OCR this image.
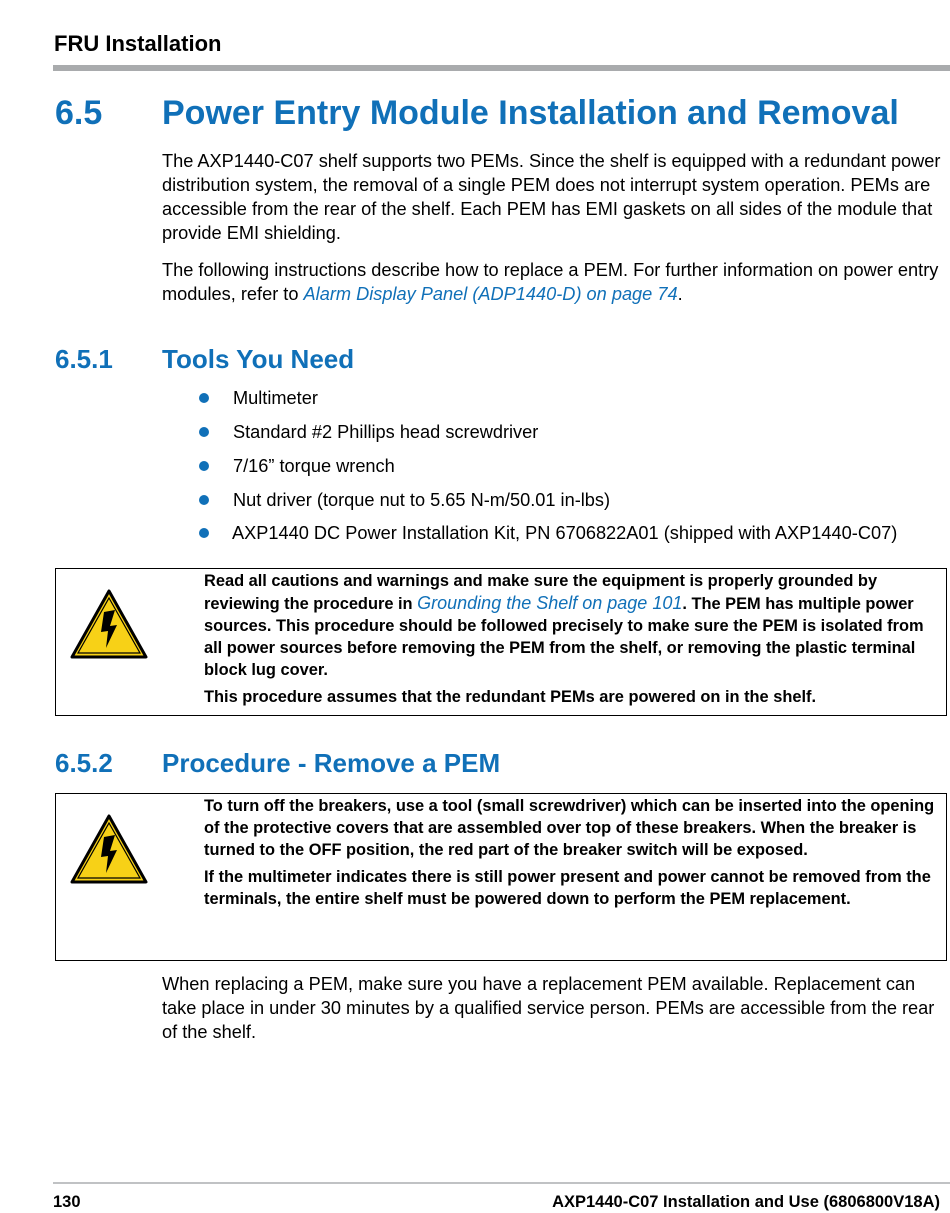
FRU Installation
6.5 Power Entry Module Installation and Removal
The AXP1440-C07 shelf supports two PEMs. Since the shelf is equipped with a redundant power distribution system, the removal of a single PEM does not interrupt system operation. PEMs are accessible from the rear of the shelf. Each PEM has EMI gaskets on all sides of the module that provide EMI shielding.
The following instructions describe how to replace a PEM. For further information on power entry modules, refer to Alarm Display Panel (ADP1440-D) on page 74.
6.5.1 Tools You Need
Multimeter
Standard #2 Phillips head screwdriver
7/16” torque wrench
Nut driver (torque nut to 5.65 N-m/50.01 in-lbs)
AXP1440 DC Power Installation Kit, PN 6706822A01 (shipped with AXP1440-C07)

Read all cautions and warnings and make sure the equipment is properly grounded by reviewing the procedure in Grounding the Shelf on page 101. The PEM has multiple power sources. This procedure should be followed precisely to make sure the PEM is isolated from all power sources before removing the PEM from the shelf, or removing the plastic terminal block lug cover.

This procedure assumes that the redundant PEMs are powered on in the shelf.

6.5.2 Procedure - Remove a PEM

To turn off the breakers, use a tool (small screwdriver) which can be inserted into the opening of the protective covers that are assembled over top of these breakers. When the breaker is turned to the OFF position, the red part of the breaker switch will be exposed.

If the multimeter indicates there is still power present and power cannot be removed from the terminals, the entire shelf must be powered down to perform the PEM replacement.

When replacing a PEM, make sure you have a replacement PEM available. Replacement can take place in under 30 minutes by a qualified service person. PEMs are accessible from the rear of the shelf.
130	AXP1440-C07 Installation and Use (6806800V18A)
